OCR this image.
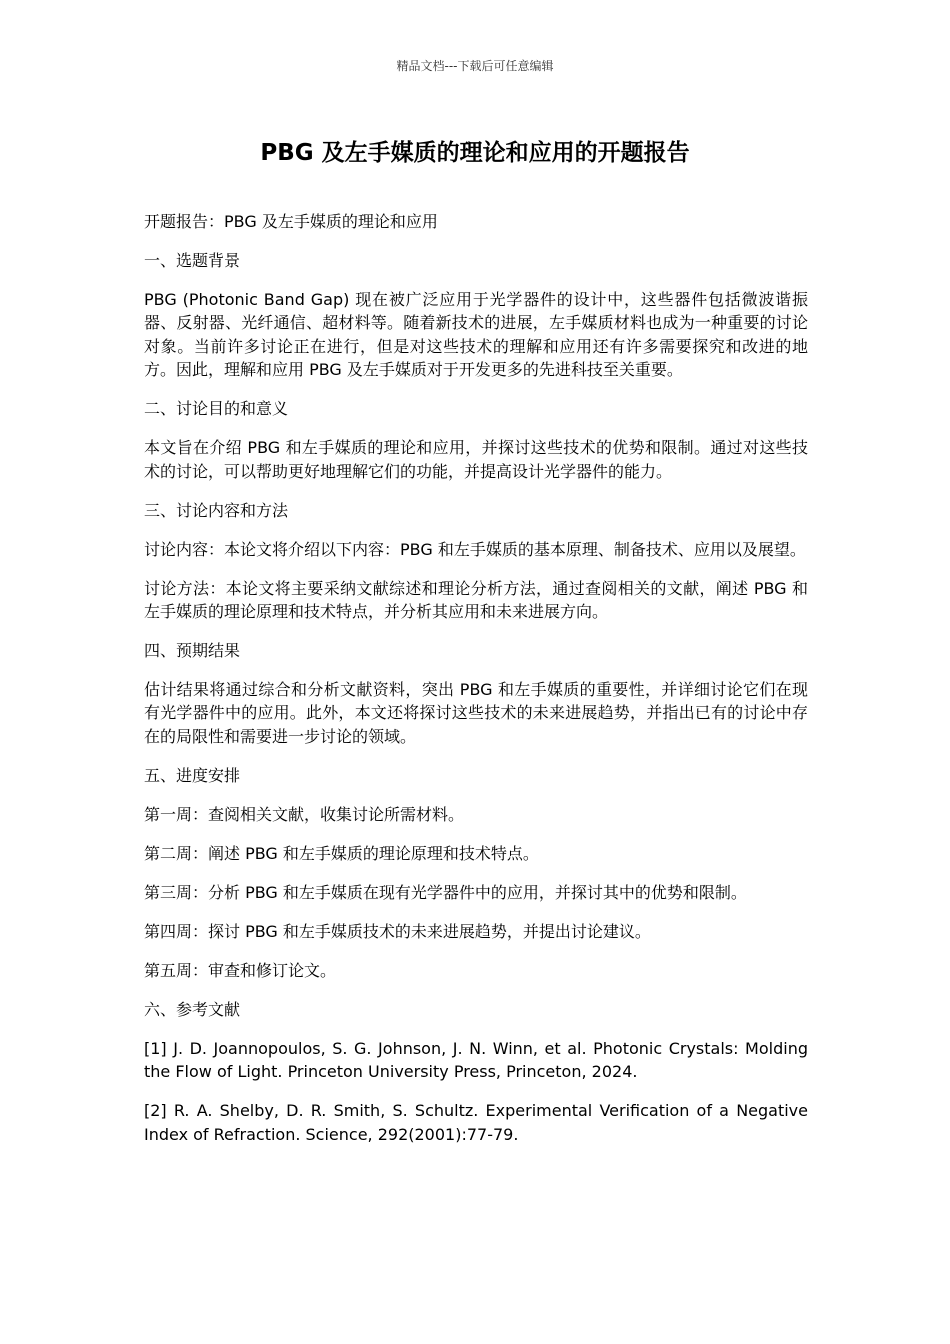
精品文档---下载后可任意编辑
PBG 及左手媒质的理论和应用的开题报告

开题报告：PBG 及左手媒质的理论和应用

一、选题背景

PBG (Photonic Band Gap) 现在被广泛应用于光学器件的设计中，这些器件包括微波谐振器、反射器、光纤通信、超材料等。随着新技术的进展，左手媒质材料也成为一种重要的讨论对象。当前许多讨论正在进行，但是对这些技术的理解和应用还有许多需要探究和改进的地方。因此，理解和应用 PBG 及左手媒质对于开发更多的先进科技至关重要。

二、讨论目的和意义

本文旨在介绍 PBG 和左手媒质的理论和应用，并探讨这些技术的优势和限制。通过对这些技术的讨论，可以帮助更好地理解它们的功能，并提高设计光学器件的能力。

三、讨论内容和方法

讨论内容：本论文将介绍以下内容：PBG 和左手媒质的基本原理、制备技术、应用以及展望。

讨论方法：本论文将主要采纳文献综述和理论分析方法，通过查阅相关的文献，阐述 PBG 和左手媒质的理论原理和技术特点，并分析其应用和未来进展方向。

四、预期结果

估计结果将通过综合和分析文献资料，突出 PBG 和左手媒质的重要性，并详细讨论它们在现有光学器件中的应用。此外，本文还将探讨这些技术的未来进展趋势，并指出已有的讨论中存在的局限性和需要进一步讨论的领域。

五、进度安排

第一周：查阅相关文献，收集讨论所需材料。

第二周：阐述 PBG 和左手媒质的理论原理和技术特点。

第三周：分析 PBG 和左手媒质在现有光学器件中的应用，并探讨其中的优势和限制。

第四周：探讨 PBG 和左手媒质技术的未来进展趋势，并提出讨论建议。

第五周：审查和修订论文。

六、参考文献

[1] J. D. Joannopoulos, S. G. Johnson, J. N. Winn, et al. Photonic Crystals: Molding the Flow of Light. Princeton University Press, Princeton, 2024.

[2] R. A. Shelby, D. R. Smith, S. Schultz. Experimental Verification of a Negative Index of Refraction. Science, 292(2001):77-79.
